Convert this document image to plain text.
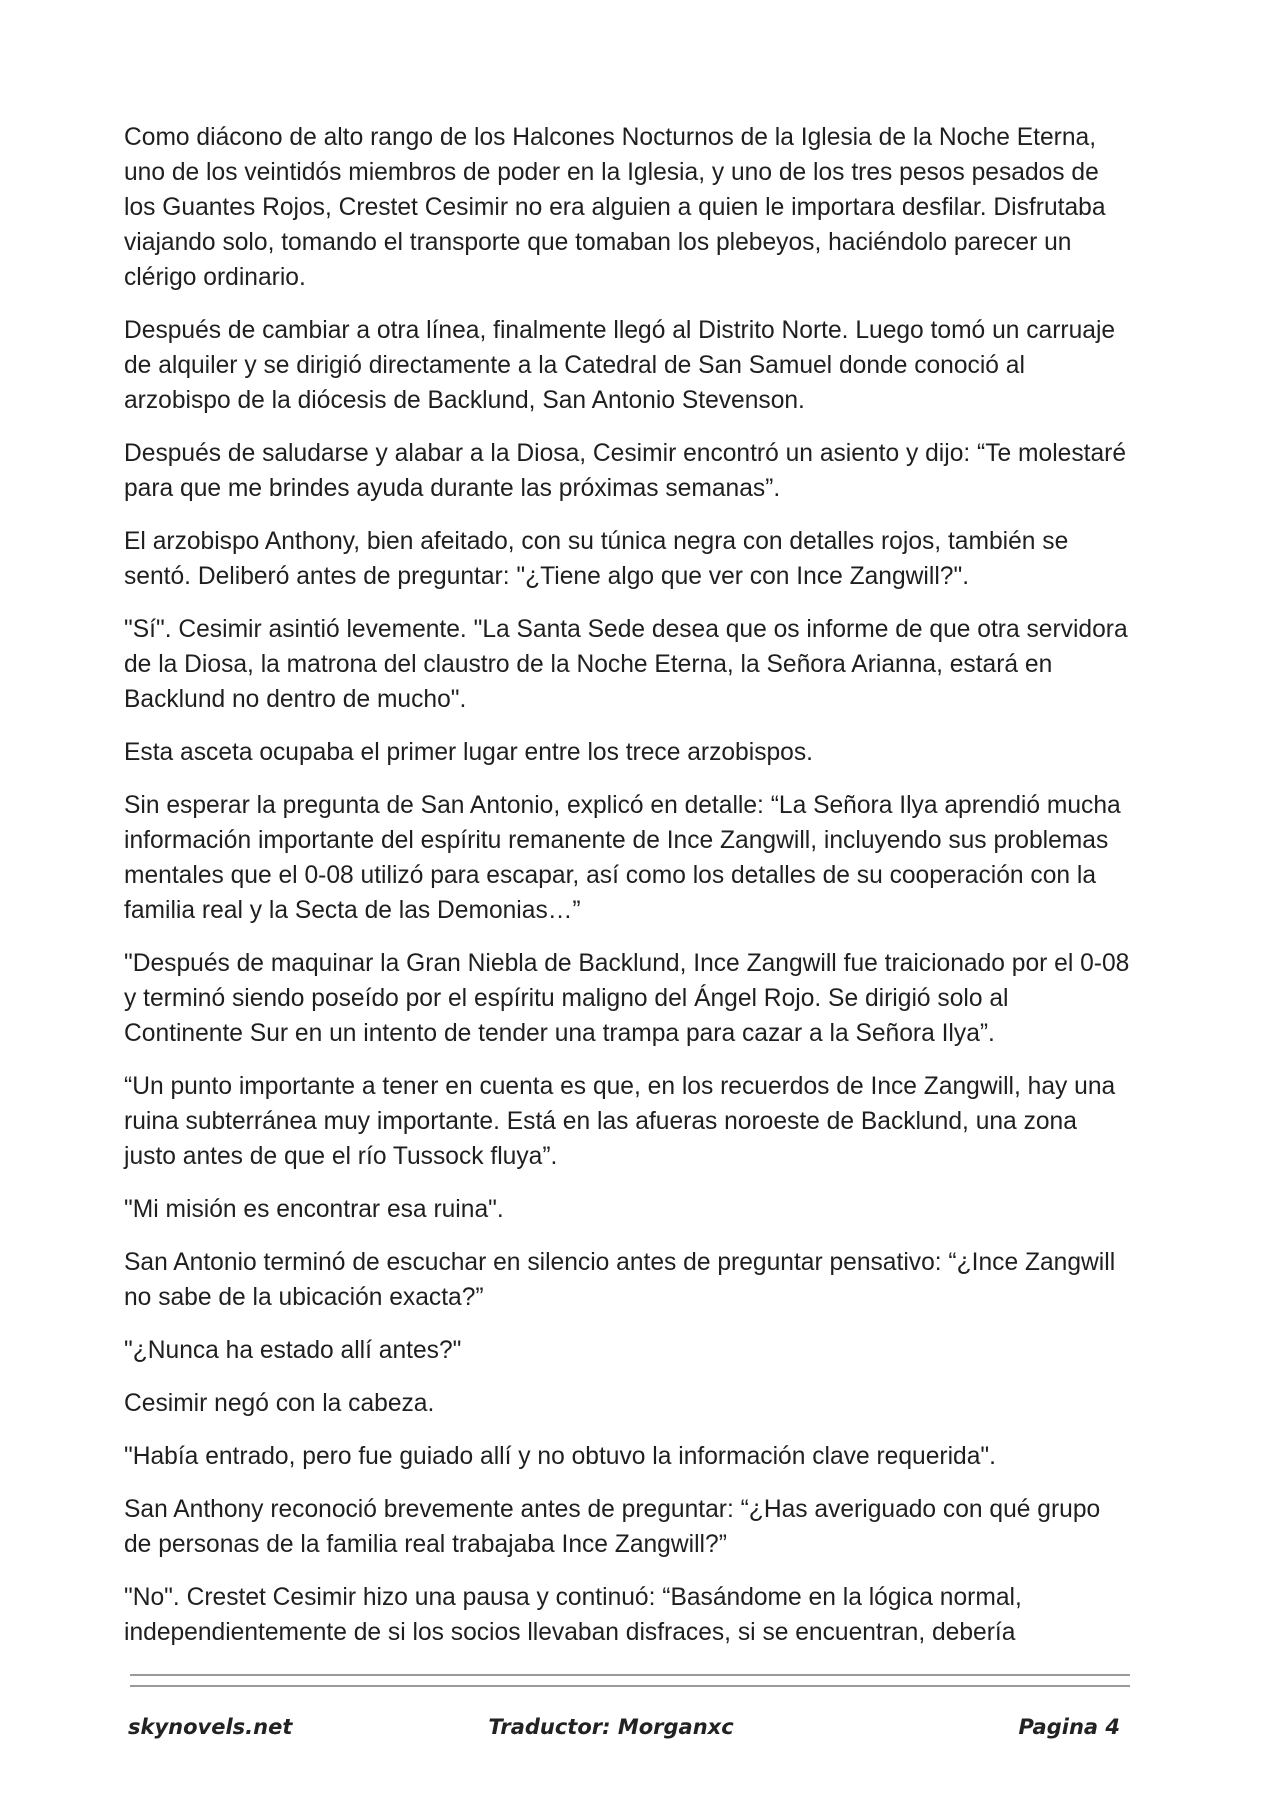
Como diácono de alto rango de los Halcones Nocturnos de la Iglesia de la Noche Eterna, uno de los veintidós miembros de poder en la Iglesia, y uno de los tres pesos pesados de los Guantes Rojos, Crestet Cesimir no era alguien a quien le importara desfilar. Disfrutaba viajando solo, tomando el transporte que tomaban los plebeyos, haciéndolo parecer un clérigo ordinario.

Después de cambiar a otra línea, finalmente llegó al Distrito Norte. Luego tomó un carruaje de alquiler y se dirigió directamente a la Catedral de San Samuel donde conoció al arzobispo de la diócesis de Backlund, San Antonio Stevenson.

Después de saludarse y alabar a la Diosa, Cesimir encontró un asiento y dijo: “Te molestaré para que me brindes ayuda durante las próximas semanas”.

El arzobispo Anthony, bien afeitado, con su túnica negra con detalles rojos, también se sentó. Deliberó antes de preguntar: "¿Tiene algo que ver con Ince Zangwill?".

"Sí". Cesimir asintió levemente. "La Santa Sede desea que os informe de que otra servidora de la Diosa, la matrona del claustro de la Noche Eterna, la Señora Arianna, estará en Backlund no dentro de mucho".

Esta asceta ocupaba el primer lugar entre los trece arzobispos.

Sin esperar la pregunta de San Antonio, explicó en detalle: “La Señora Ilya aprendió mucha información importante del espíritu remanente de Ince Zangwill, incluyendo sus problemas mentales que el 0-08 utilizó para escapar, así como los detalles de su cooperación con la familia real y la Secta de las Demonias…”

"Después de maquinar la Gran Niebla de Backlund, Ince Zangwill fue traicionado por el 0-08 y terminó siendo poseído por el espíritu maligno del Ángel Rojo. Se dirigió solo al Continente Sur en un intento de tender una trampa para cazar a la Señora Ilya”.

“Un punto importante a tener en cuenta es que, en los recuerdos de Ince Zangwill, hay una ruina subterránea muy importante. Está en las afueras noroeste de Backlund, una zona justo antes de que el río Tussock fluya”.

"Mi misión es encontrar esa ruina".

San Antonio terminó de escuchar en silencio antes de preguntar pensativo: “¿Ince Zangwill no sabe de la ubicación exacta?”

"¿Nunca ha estado allí antes?"

Cesimir negó con la cabeza.

"Había entrado, pero fue guiado allí y no obtuvo la información clave requerida".

San Anthony reconoció brevemente antes de preguntar: “¿Has averiguado con qué grupo de personas de la familia real trabajaba Ince Zangwill?”

"No". Crestet Cesimir hizo una pausa y continuó: “Basándome en la lógica normal, independientemente de si los socios llevaban disfraces, si se encuentran, debería

skynovels.net	Traductor: Morganxc	Pagina 4
